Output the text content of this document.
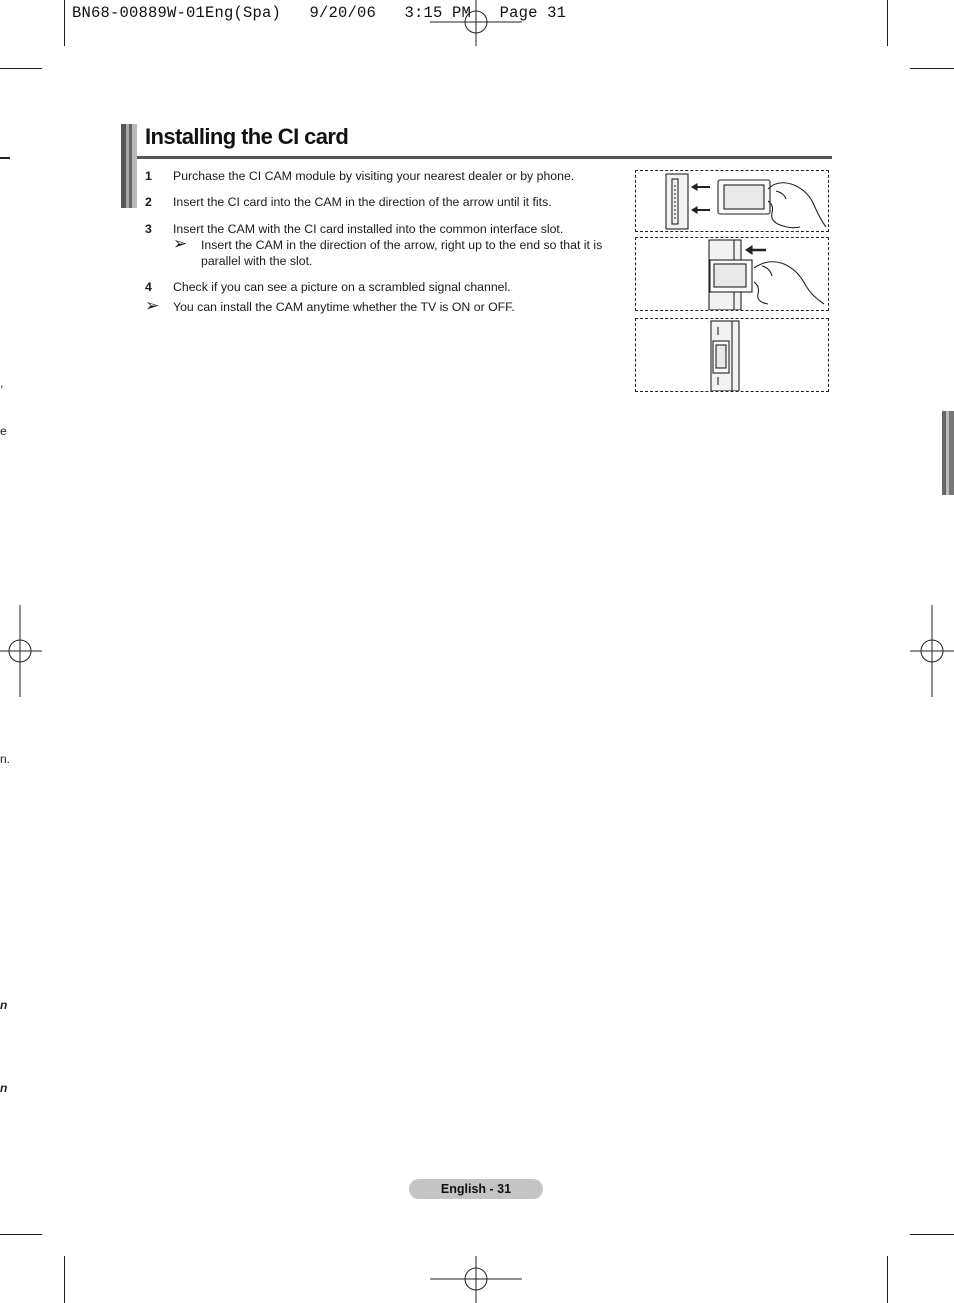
BN68-00889W-01Eng(Spa)   9/20/06   3:15 PM   Page 31
,
e
n.
n
n
Installing the CI card
1 Purchase the CI CAM module by visiting your nearest dealer or by phone.
2 Insert the CI card into the CAM in the direction of the arrow until it fits.
3 Insert the CAM with the CI card installed into the common interface slot.
➢ Insert the CAM in the direction of the arrow, right up to the end so that it is parallel with the slot.
4 Check if you can see a picture on a scrambled signal channel.
➢ You can install the CAM anytime whether the TV is ON or OFF.
English - 31
